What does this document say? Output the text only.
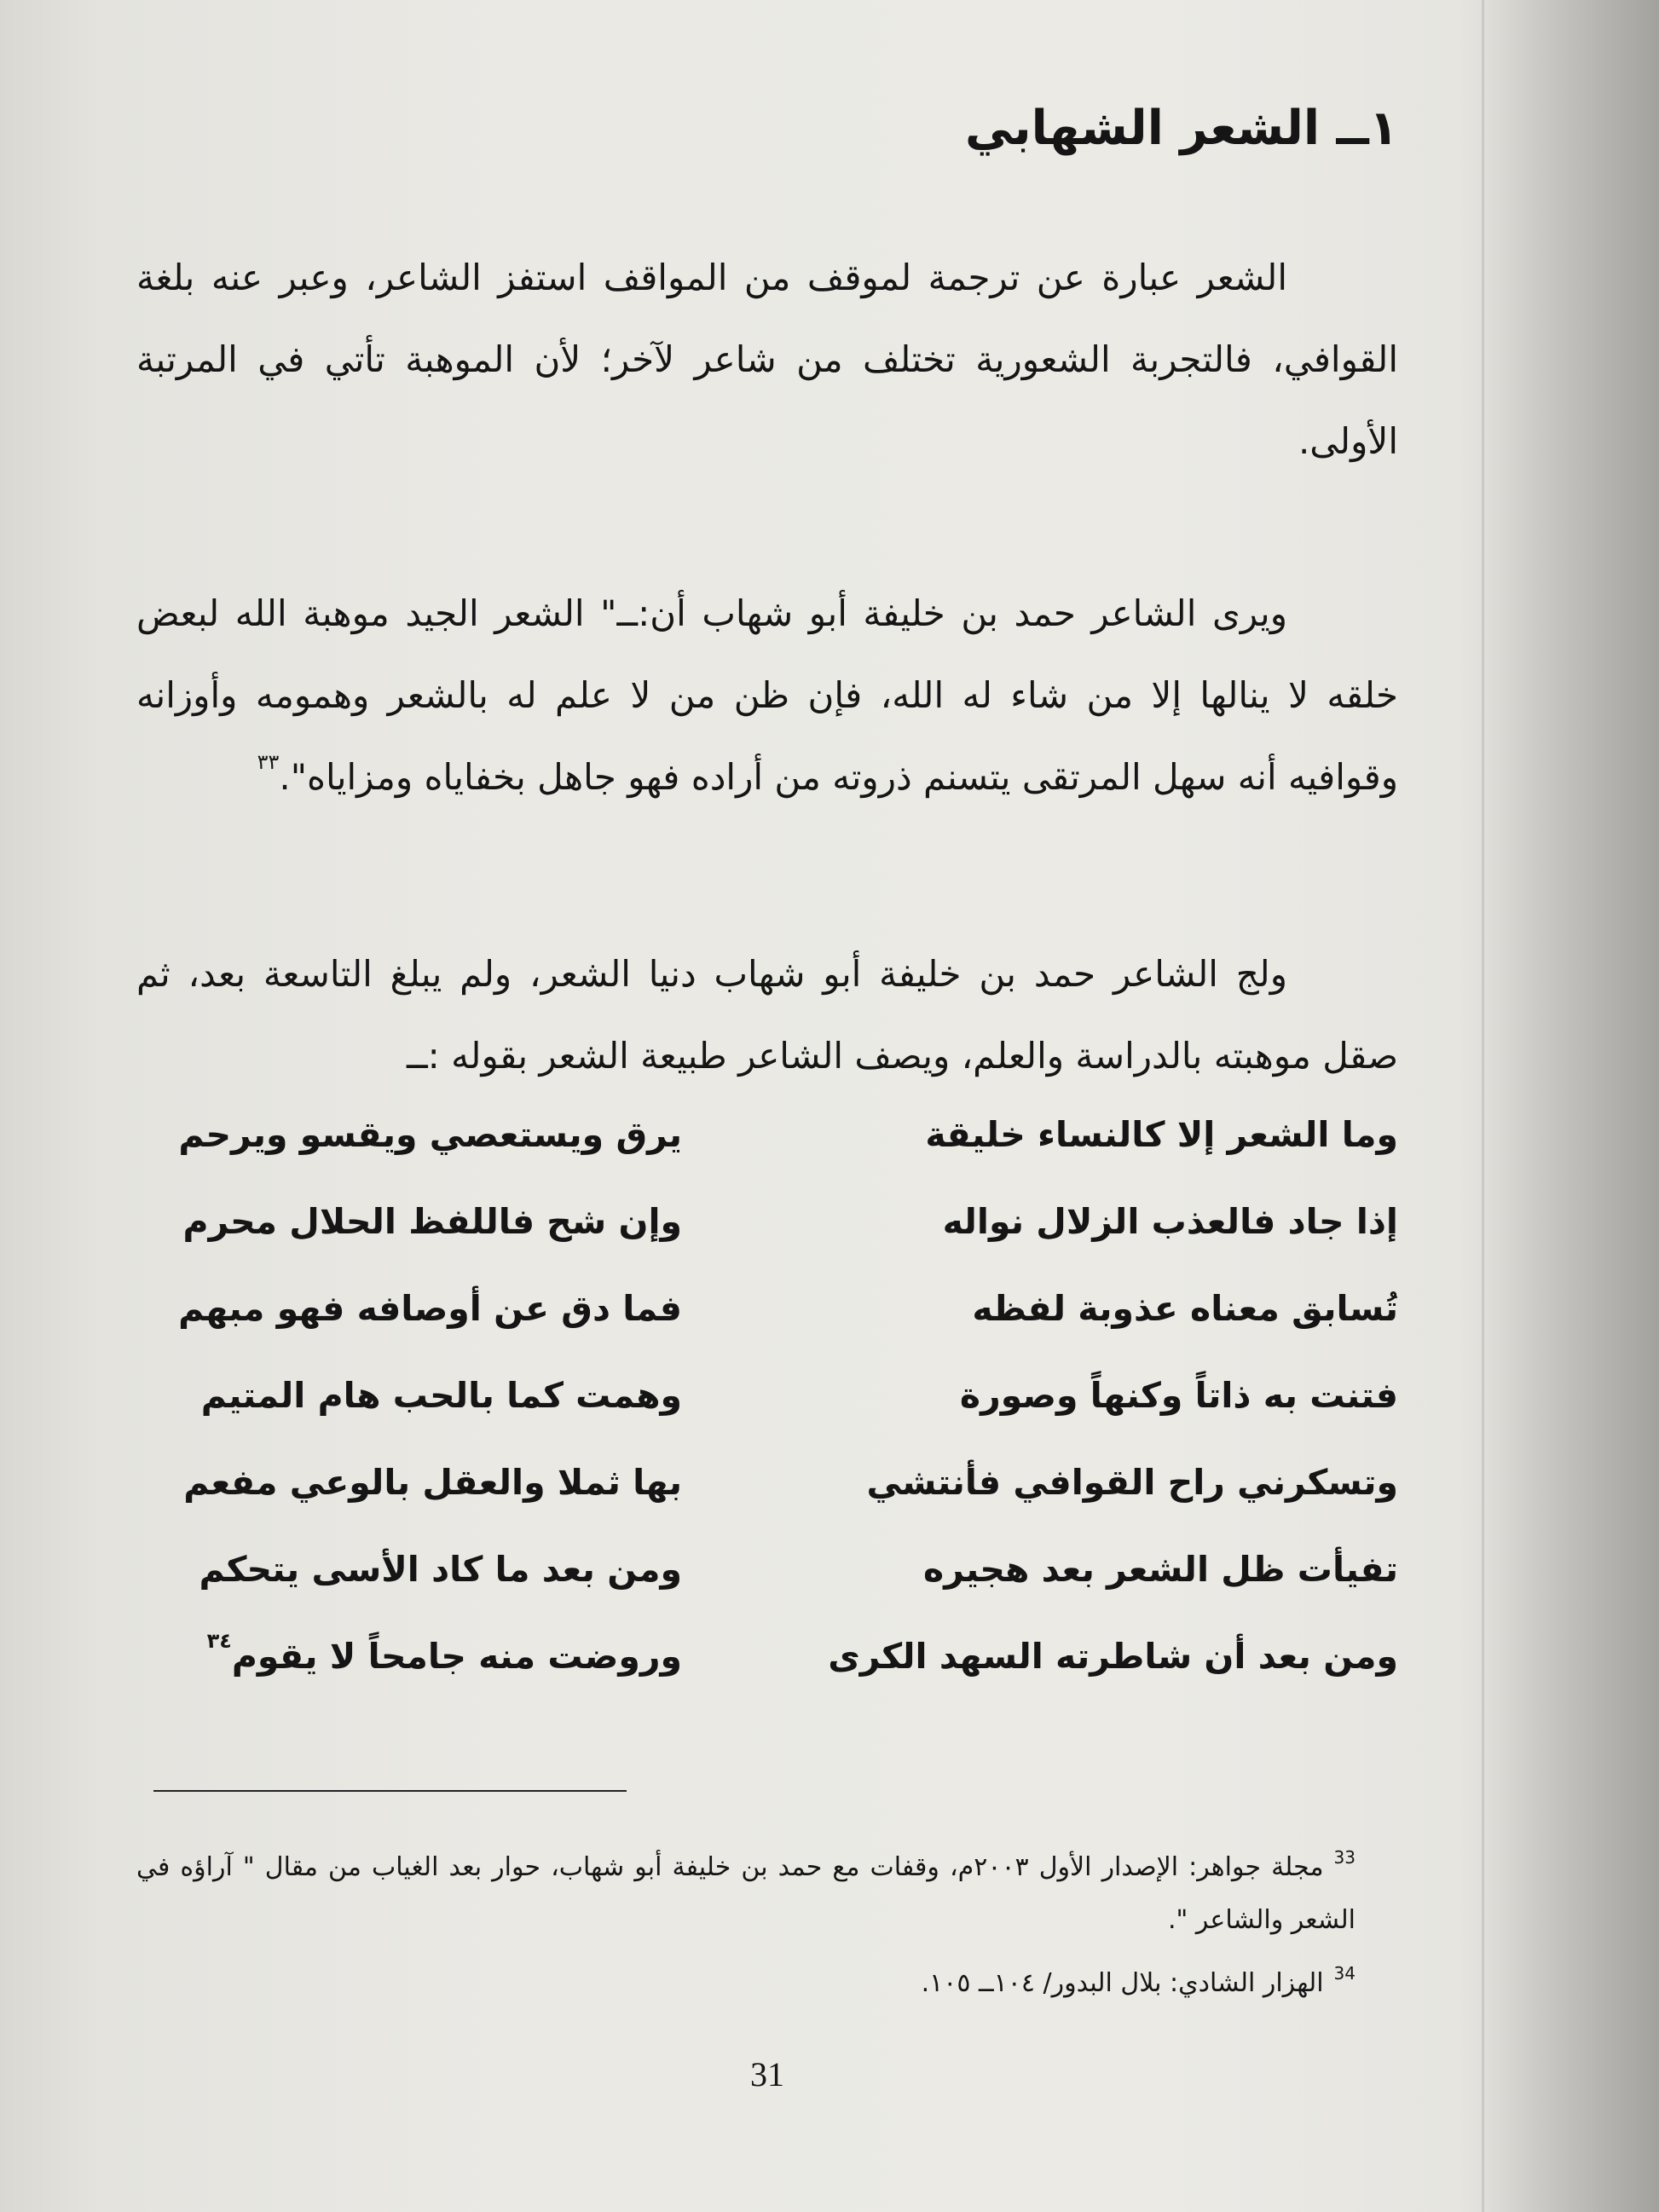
١ــ الشعر الشهابي

الشعر عبارة عن ترجمة لموقف من المواقف استفز الشاعر، وعبر عنه بلغة القوافي، فالتجربة الشعورية تختلف من شاعر لآخر؛ لأن الموهبة تأتي في المرتبة الأولى.

ويرى الشاعر حمد بن خليفة أبو شهاب أن:ــ" الشعر الجيد موهبة الله لبعض خلقه لا ينالها إلا من شاء له الله، فإن ظن من لا علم له بالشعر وهمومه وأوزانه وقوافيه أنه سهل المرتقى يتسنم ذروته من أراده فهو جاهل بخفاياه ومزاياه".$^{٣٣}$

ولج الشاعر حمد بن خليفة أبو شهاب دنيا الشعر، ولم يبلغ التاسعة بعد، ثم صقل موهبته بالدراسة والعلم، ويصف الشاعر طبيعة الشعر بقوله :ــ

وما الشعر إلا كالنساء خليقة
يرق ويستعصي ويقسو ويرحم
إذا جاد فالعذب الزلال نواله
وإن شح فاللفظ الحلال محرم
تُسابق معناه عذوبة لفظه
فما دق عن أوصافه فهو مبهم
فتنت به ذاتاً وكنهاً وصورة
وهمت كما بالحب هام المتيم
وتسكرني راح القوافي فأنتشي
بها ثملا والعقل بالوعي مفعم
تفيأت ظل الشعر بعد هجيره
ومن بعد ما كاد الأسى يتحكم
ومن بعد أن شاطرته السهد الكرى
وروضت منه جامحاً لا يقوم$^{٣٤}$

$^{33}$مجلة جواهر: الإصدار الأول ٢٠٠٣م، وقفات مع حمد بن خليفة أبو شهاب، حوار بعد الغياب من مقال " آراؤه في الشعر والشاعر ".

$^{34}$الهزار الشادي: بلال البدور/ ١٠٤ــ ١٠٥.

31
